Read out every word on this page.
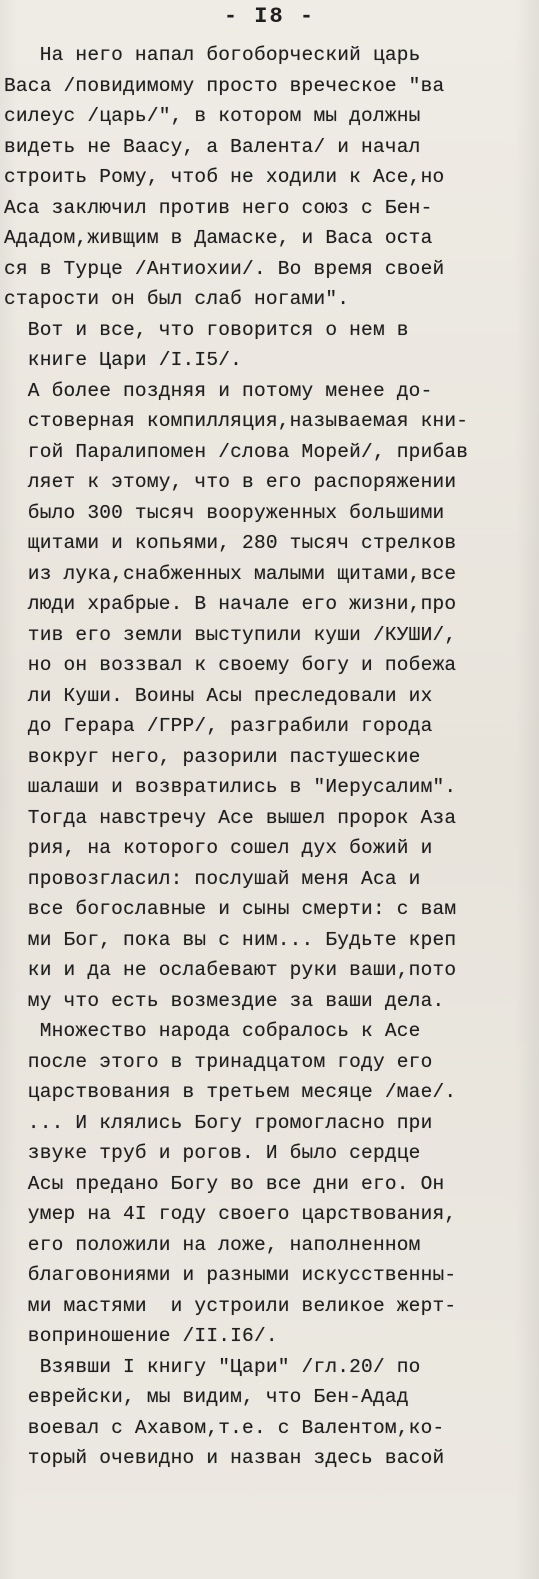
- I8 -
На него напал богоборческий царь
Васа /повидимому просто вреческое "ва
силеус /царь/", в котором мы должны
видеть не Ваасу, а Валента/ и начал
строить Рому, чтоб не ходили к Асе,но
Аса заключил против него союз с Бен-
Ададом,живщим в Дамаске, и Васа оста
ся в Турце /Антиохии/. Во время своей
старости он был слаб ногами".
Вот и все, что говорится о нем в
книге Цари /I.I5/.
А более поздняя и потому менее до-
стоверная компилляция,называемая кни-
гой Паралипомен /слова Морей/, прибав
ляет к этому, что в его распоряжении
было 300 тысяч вооруженных большими
щитами и копьями, 280 тысяч стрелков
из лука,снабженных малыми щитами,все
люди храбрые. В начале его жизни,про
тив его земли выступили куши /КУШИ/,
но он воззвал к своему богу и побежа
ли Куши. Воины Асы преследовали их
до Герара /ГРР/, разграбили города
вокруг него, разорили пастушеские
шалаши и возвратились в "Иерусалим".
Тогда навстречу Асе вышел пророк Аза
рия, на которого сошел дух божий и
провозгласил: послушай меня Аса и
все богославные и сыны смерти: с вам
ми Бог, пока вы с ним... Будьте креп
ки и да не ослабевают руки ваши,пото
му что есть возмездие за ваши дела.
Множество народа собралось к Асе
после этого в тринадцатом году его
царствования в третьем месяце /мае/.
... И клялись Богу громогласно при
звуке труб и рогов. И было сердце
Асы предано Богу во все дни его. Он
умер на 4I году своего царствования,
его положили на ложе, наполненном
благовониями и разными искусственны-
ми мастями  и устроили великое жерт-
воприношение /II.I6/.
Взявши I книгу "Цари" /гл.20/ по
еврейски, мы видим, что Бен-Адад
воевал с Ахавом,т.е. с Валентом,ко-
торый очевидно и назван здесь васой
